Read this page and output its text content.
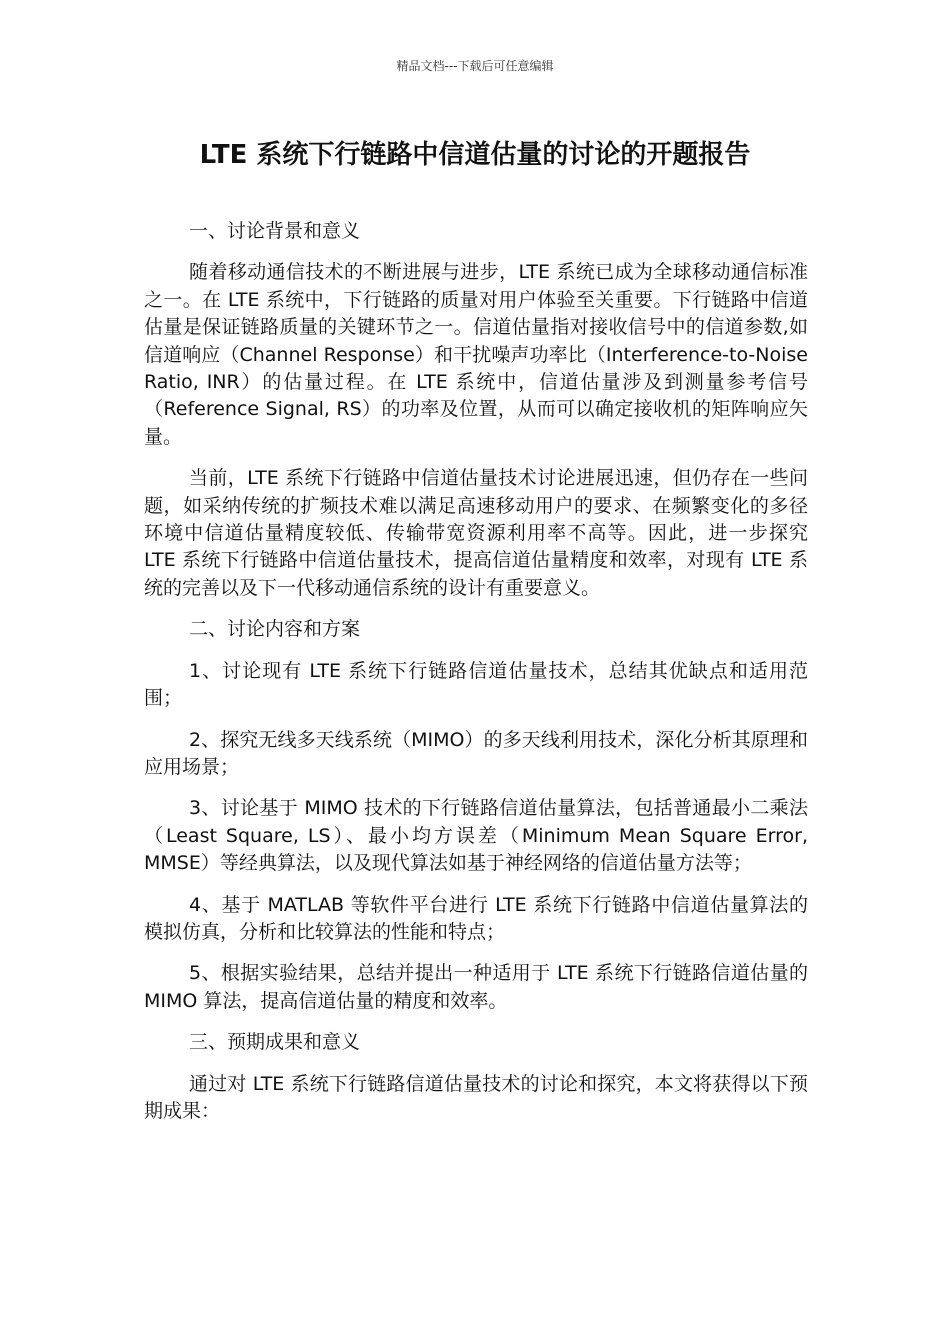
精品文档---下载后可任意编辑
LTE 系统下行链路中信道估量的讨论的开题报告

一、讨论背景和意义

随着移动通信技术的不断进展与进步，LTE 系统已成为全球移动通信标准之一。在 LTE 系统中，下行链路的质量对用户体验至关重要。下行链路中信道估量是保证链路质量的关键环节之一。信道估量指对接收信号中的信道参数,如信道响应（Channel Response）和干扰噪声功率比（Interference-to-Noise Ratio, INR）的估量过程。在 LTE 系统中，信道估量涉及到测量参考信号（Reference Signal, RS）的功率及位置，从而可以确定接收机的矩阵响应矢量。

当前，LTE 系统下行链路中信道估量技术讨论进展迅速，但仍存在一些问题，如采纳传统的扩频技术难以满足高速移动用户的要求、在频繁变化的多径环境中信道估量精度较低、传输带宽资源利用率不高等。因此，进一步探究 LTE 系统下行链路中信道估量技术，提高信道估量精度和效率，对现有 LTE 系统的完善以及下一代移动通信系统的设计有重要意义。

二、讨论内容和方案

1、讨论现有 LTE 系统下行链路信道估量技术，总结其优缺点和适用范围；

2、探究无线多天线系统（MIMO）的多天线利用技术，深化分析其原理和应用场景；

3、讨论基于 MIMO 技术的下行链路信道估量算法，包括普通最小二乘法（Least Square, LS）、最小均方误差（Minimum Mean Square Error, MMSE）等经典算法，以及现代算法如基于神经网络的信道估量方法等；

4、基于 MATLAB 等软件平台进行 LTE 系统下行链路中信道估量算法的模拟仿真，分析和比较算法的性能和特点；

5、根据实验结果，总结并提出一种适用于 LTE 系统下行链路信道估量的 MIMO 算法，提高信道估量的精度和效率。

三、预期成果和意义

通过对 LTE 系统下行链路信道估量技术的讨论和探究，本文将获得以下预期成果：
